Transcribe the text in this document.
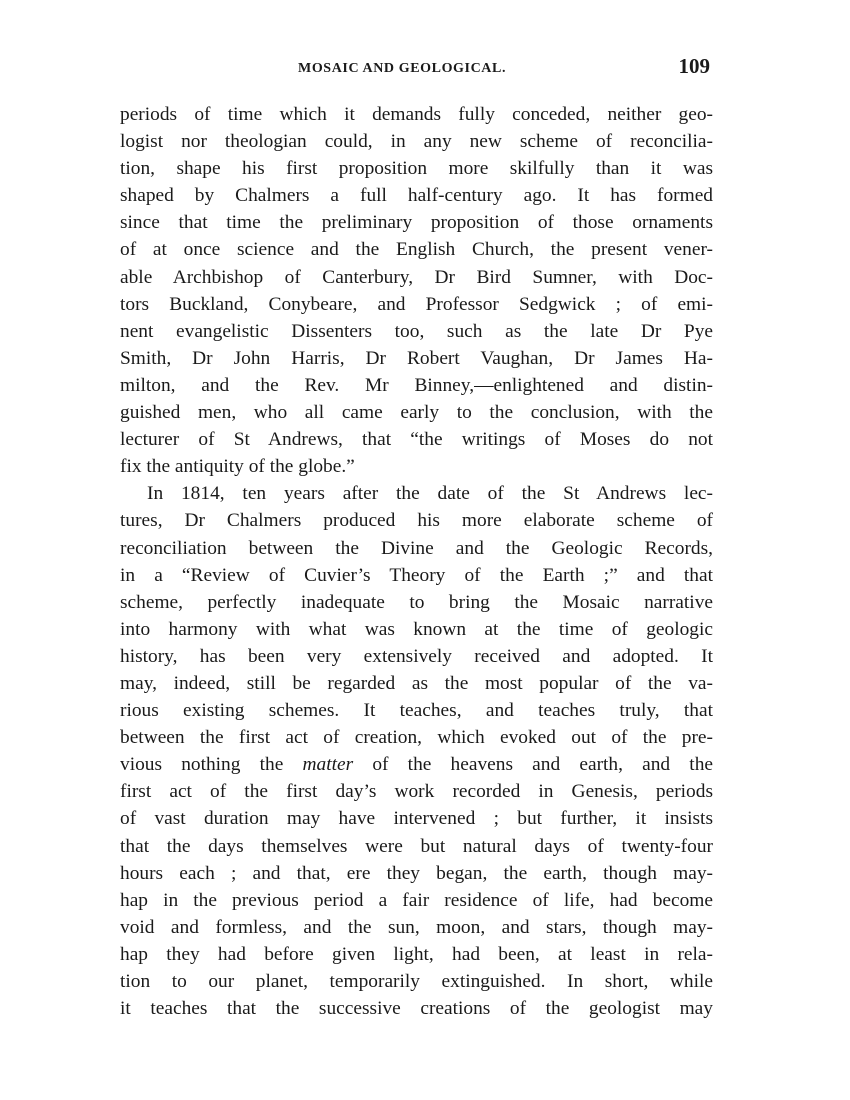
MOSAIC AND GEOLOGICAL.	109
periods of time which it demands fully conceded, neither geo-
logist nor theologian could, in any new scheme of reconcilia-
tion, shape his first proposition more skilfully than it was
shaped by Chalmers a full half-century ago. It has formed
since that time the preliminary proposition of those ornaments
of at once science and the English Church, the present vener-
able Archbishop of Canterbury, Dr Bird Sumner, with Doc-
tors Buckland, Conybeare, and Professor Sedgwick ; of emi-
nent evangelistic Dissenters too, such as the late Dr Pye
Smith, Dr John Harris, Dr Robert Vaughan, Dr James Ha-
milton, and the Rev. Mr Binney,—enlightened and distin-
guished men, who all came early to the conclusion, with the
lecturer of St Andrews, that “the writings of Moses do not
fix the antiquity of the globe.”
In 1814, ten years after the date of the St Andrews lec-
tures, Dr Chalmers produced his more elaborate scheme of
reconciliation between the Divine and the Geologic Records,
in a “Review of Cuvier’s Theory of the Earth ;” and that
scheme, perfectly inadequate to bring the Mosaic narrative
into harmony with what was known at the time of geologic
history, has been very extensively received and adopted. It
may, indeed, still be regarded as the most popular of the va-
rious existing schemes. It teaches, and teaches truly, that
between the first act of creation, which evoked out of the pre-
vious nothing the matter of the heavens and earth, and the
first act of the first day’s work recorded in Genesis, periods
of vast duration may have intervened ; but further, it insists
that the days themselves were but natural days of twenty-four
hours each ; and that, ere they began, the earth, though may-
hap in the previous period a fair residence of life, had become
void and formless, and the sun, moon, and stars, though may-
hap they had before given light, had been, at least in rela-
tion to our planet, temporarily extinguished. In short, while
it teaches that the successive creations of the geologist may
